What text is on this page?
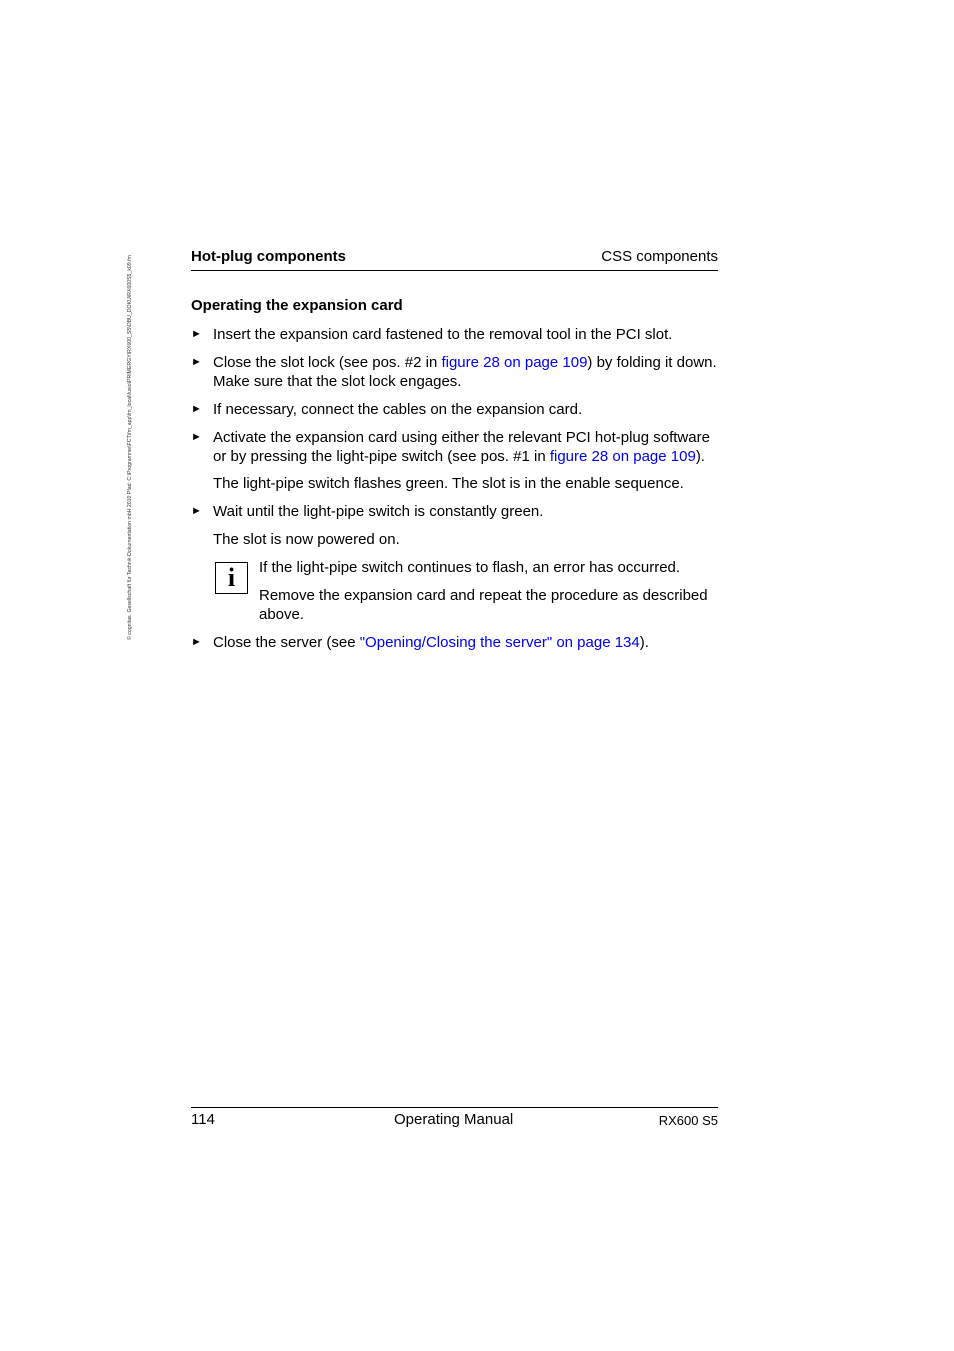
© cognitas. Gesellschaft für Technik-Dokumentation mbH 2010 Pfad: C:\Programme\FCT\fm_app\fm_local\fusio\PRIMERGY\RX600_S5\OBU_DOKU\RX600S5_k09.fm	Hot-plug components	CSS components
Operating the expansion card
► Insert the expansion card fastened to the removal tool in the PCI slot.
► Close the slot lock (see pos. #2 in figure 28 on page 109) by folding it down. Make sure that the slot lock engages.
► If necessary, connect the cables on the expansion card.
► Activate the expansion card using either the relevant PCI hot-plug software or by pressing the light-pipe switch (see pos. #1 in figure 28 on page 109).
The light-pipe switch flashes green. The slot is in the enable sequence.
► Wait until the light-pipe switch is constantly green.
The slot is now powered on.
i	If the light-pipe switch continues to flash, an error has occurred.
Remove the expansion card and repeat the procedure as described above.
► Close the server (see "Opening/Closing the server" on page 134).
114	Operating Manual	RX600 S5
